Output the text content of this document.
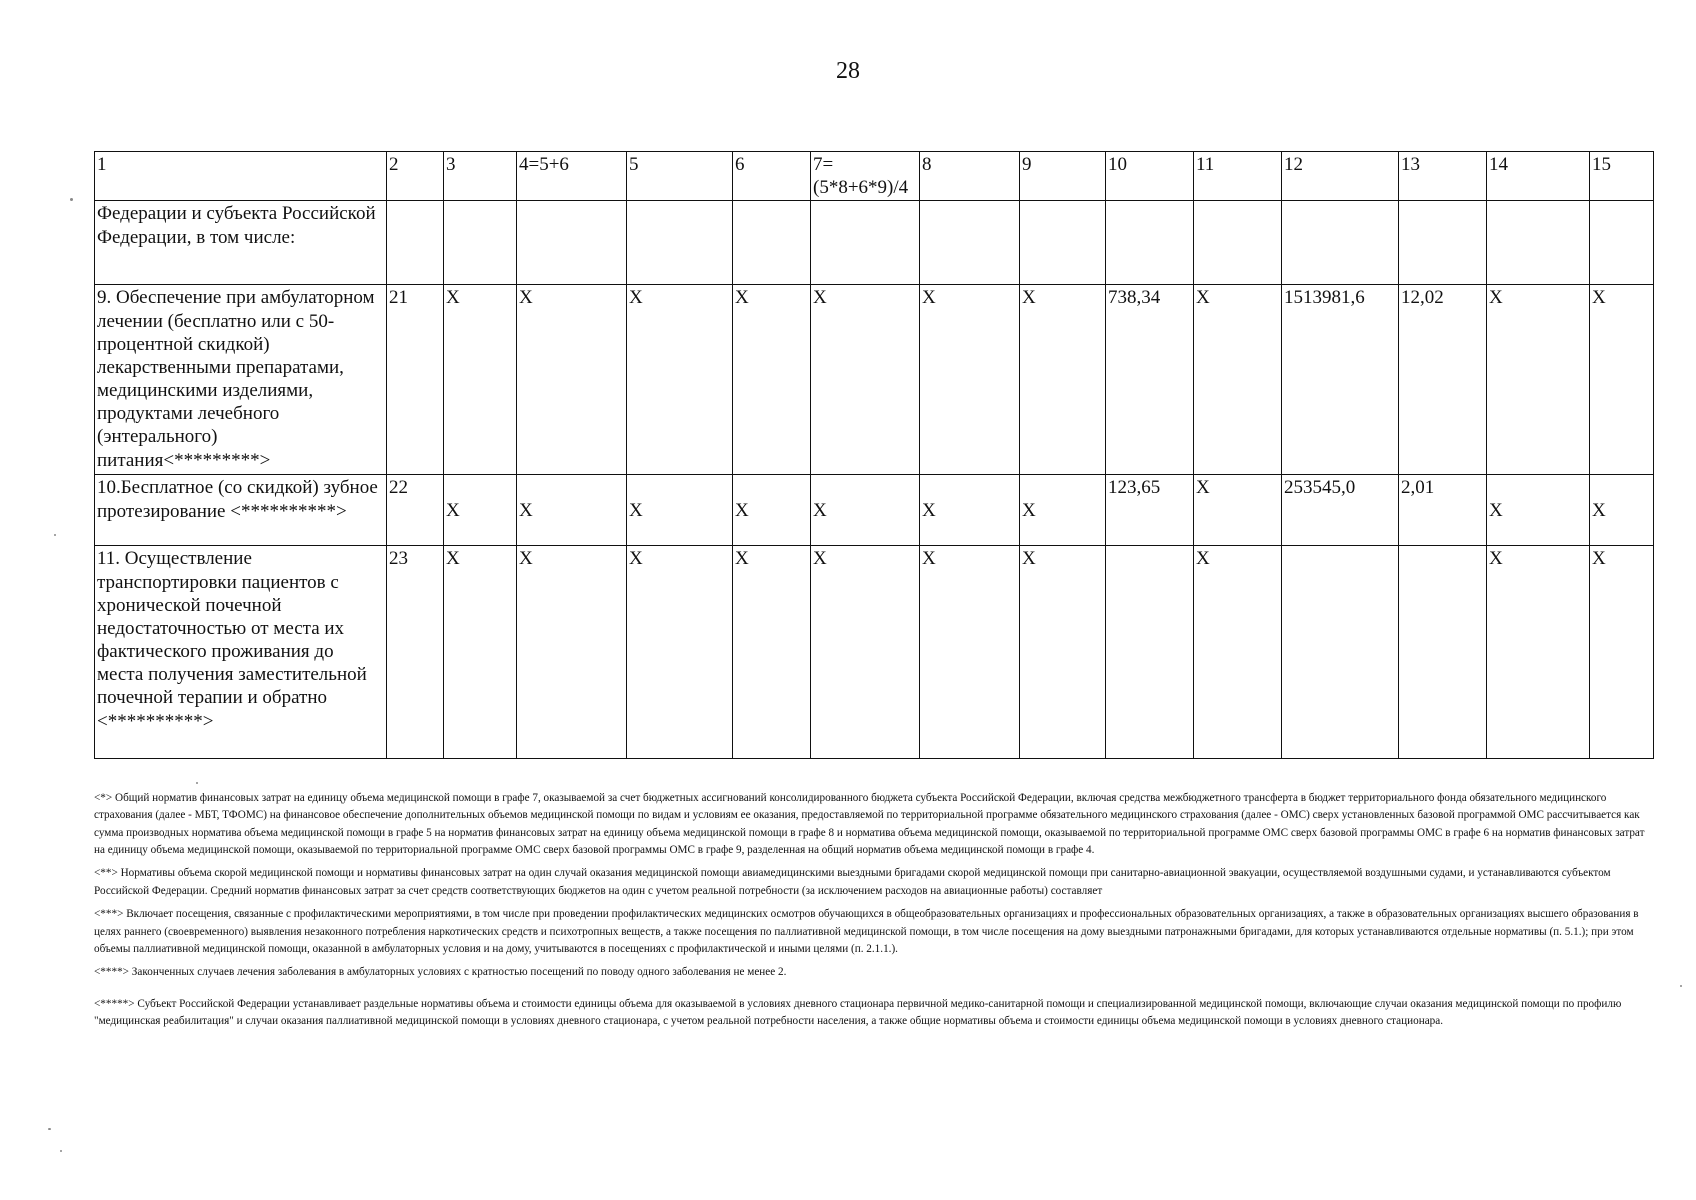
28
1	2	3	4=5+6	5	6	7=(5*8+6*9)/4	8	9	10	11	12	13	14	15
Федерации и субъекта Российской Федерации, в том числе:														
9. Обеспечение при амбулаторном лечении (бесплатно или с 50- процентной скидкой) лекарственными препаратами, медицинскими изделиями, продуктами лечебного (энтерального) питания<*********>	21	X	X	X	X	X	X	X	738,34	X	1513981,6	12,02	X	X
10.Бесплатное (со скидкой) зубное протезирование <**********>	22	X	X	X	X	X	X	X	123,65	X	253545,0	2,01	X	X
11. Осуществление транспортировки пациентов с хронической почечной недостаточностью от места их фактического проживания до места получения заместительной почечной терапии и обратно <**********>	23	X	X	X	X	X	X	X		X			X	X

<*> Общий норматив финансовых затрат на единицу объема медицинской помощи в графе 7, оказываемой за счет бюджетных ассигнований консолидированного бюджета субъекта Российской Федерации, включая средства межбюджетного трансферта в бюджет территориального фонда обязательного медицинского страхования (далее - МБТ, ТФОМС) на финансовое обеспечение дополнительных объемов медицинской помощи по видам и условиям ее оказания, предоставляемой по территориальной программе обязательного медицинского страхования (далее - ОМС) сверх установленных базовой программой ОМС рассчитывается как сумма производных норматива объема медицинской помощи в графе 5 на норматив финансовых затрат на единицу объема медицинской помощи в графе 8 и норматива объема медицинской помощи, оказываемой по территориальной программе ОМС сверх базовой программы ОМС в графе 6 на норматив финансовых затрат на единицу объема медицинской помощи, оказываемой по территориальной программе ОМС сверх базовой программы ОМС в графе 9, разделенная на общий норматив объема медицинской помощи в графе 4.

<**> Нормативы объема скорой медицинской помощи и нормативы финансовых затрат на один случай оказания медицинской помощи авиамедицинскими выездными бригадами скорой медицинской помощи при санитарно-авиационной эвакуации, осуществляемой воздушными судами, и устанавливаются субъектом Российской Федерации. Средний норматив финансовых затрат за счет средств соответствующих бюджетов на один с учетом реальной потребности (за исключением расходов на авиационные работы) составляет

<***> Включает посещения, связанные с профилактическими мероприятиями, в том числе при проведении профилактических медицинских осмотров обучающихся в общеобразовательных организациях и профессиональных образовательных организациях, а также в образовательных организациях высшего образования в целях раннего (своевременного) выявления незаконного потребления наркотических средств и психотропных веществ, а также посещения по паллиативной медицинской помощи, в том числе посещения на дому выездными патронажными бригадами, для которых устанавливаются отдельные нормативы (п. 5.1.); при этом объемы паллиативной медицинской помощи, оказанной в амбулаторных условия и на дому, учитываются в посещениях с профилактической и иными целями (п. 2.1.1.).

<****> Законченных случаев лечения заболевания в амбулаторных условиях с кратностью посещений по поводу одного заболевания не менее 2.

<*****> Субъект Российской Федерации устанавливает раздельные нормативы объема и стоимости единицы объема для оказываемой в условиях дневного стационара первичной медико-санитарной помощи и специализированной медицинской помощи, включающие случаи оказания медицинской помощи по профилю "медицинская реабилитация" и случаи оказания паллиативной медицинской помощи в условиях дневного стационара, с учетом реальной потребности населения, а также общие нормативы объема и стоимости единицы объема медицинской помощи в условиях дневного стационара.
